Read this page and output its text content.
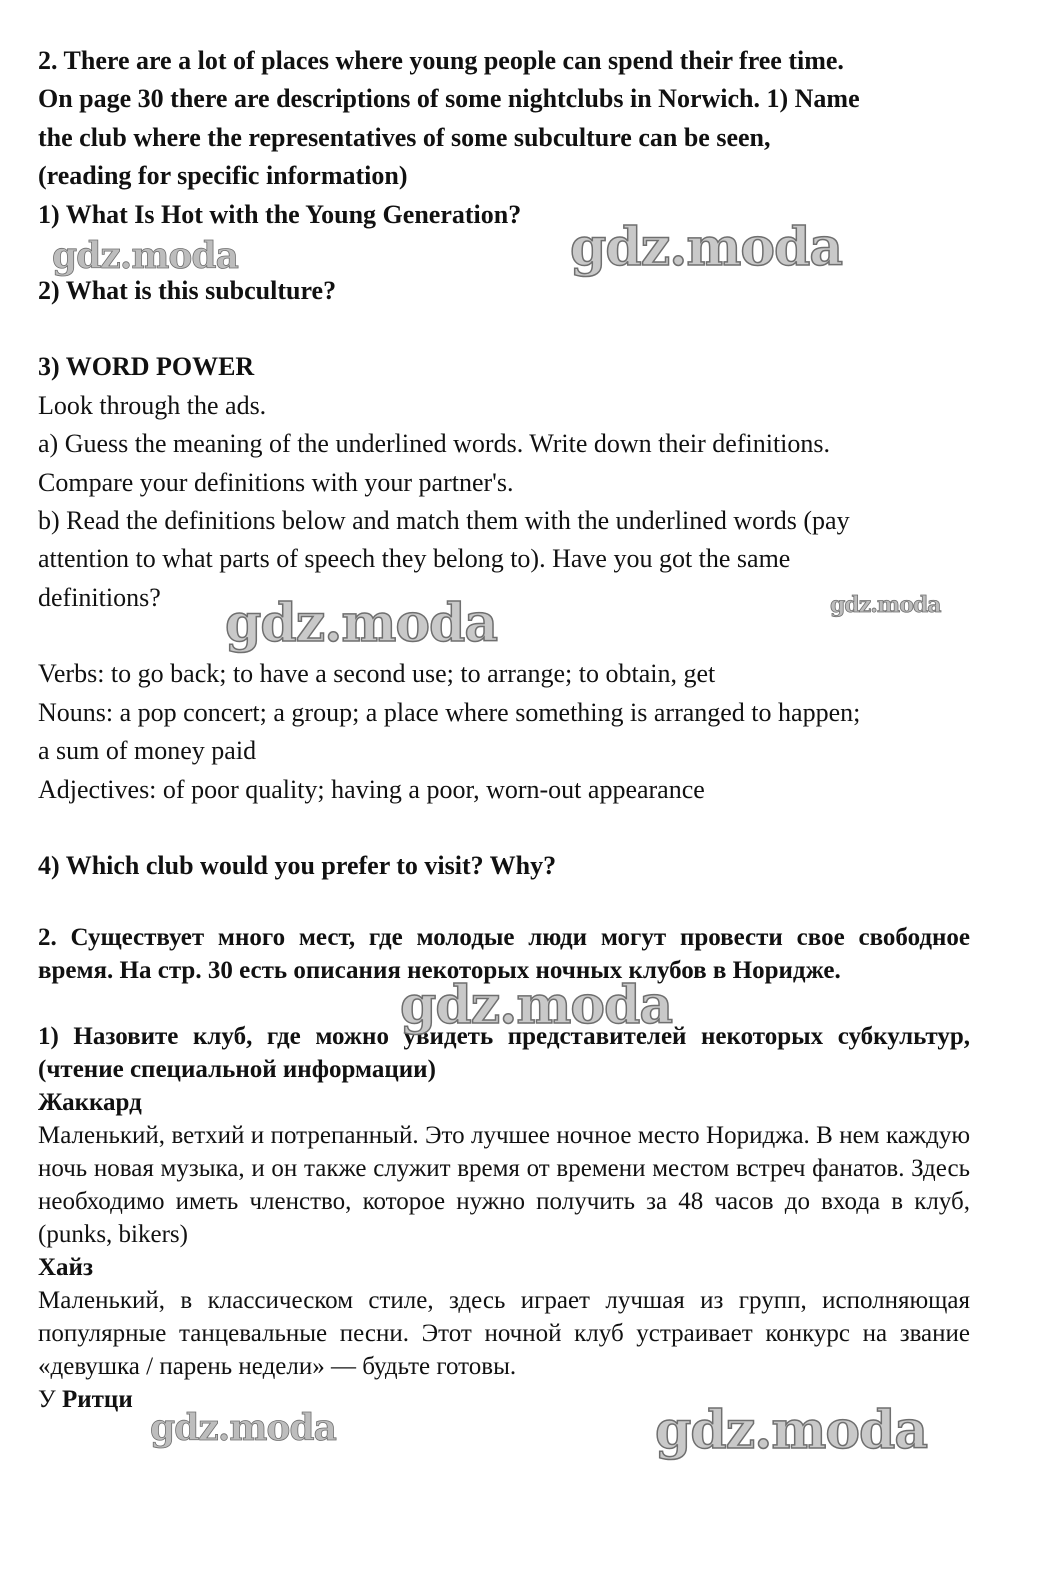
2. There are a lot of places where young people can spend their free time.

On page 30 there are descriptions of some nightclubs in Norwich. 1) Name

the club where the representatives of some subculture can be seen,

(reading for specific information)

1) What Is Hot with the Young Generation?

2) What is this subculture?

3) WORD POWER

Look through the ads.

a) Guess the meaning of the underlined words. Write down their definitions.

Compare your definitions with your partner's.

b) Read the definitions below and match them with the underlined words (pay

attention to what parts of speech they belong to). Have you got the same

definitions?

Verbs: to go back; to have a second use; to arrange; to obtain, get

Nouns: a pop concert; a group; a place where something is arranged to happen;

a sum of money paid

Adjectives: of poor quality; having a poor, worn-out appearance

4) Which club would you prefer to visit? Why?

2. Существует много мест, где молодые люди могут провести свое свободное время. На стр. 30 есть описания некоторых ночных клубов в Норидже.

1) Назовите клуб, где можно увидеть представителей некоторых субкультур, (чтение специальной информации)

Жаккард

Маленький, ветхий и потрепанный. Это лучшее ночное место Нориджа. В нем каждую ночь новая музыка, и он также служит время от времени местом встреч фанатов. Здесь необходимо иметь членство, которое нужно получить за 48 часов до входа в клуб, (punks, bikers)

Хайз

Маленький, в классическом стиле, здесь играет лучшая из групп, исполняющая популярные танцевальные песни. Этот ночной клуб устраивает конкурс на звание «девушка / парень недели» — будьте готовы.

У Ритци

gdz.moda	gdz.moda
gdz.moda	gdz.moda
gdz.moda
gdz.moda	gdz.moda
